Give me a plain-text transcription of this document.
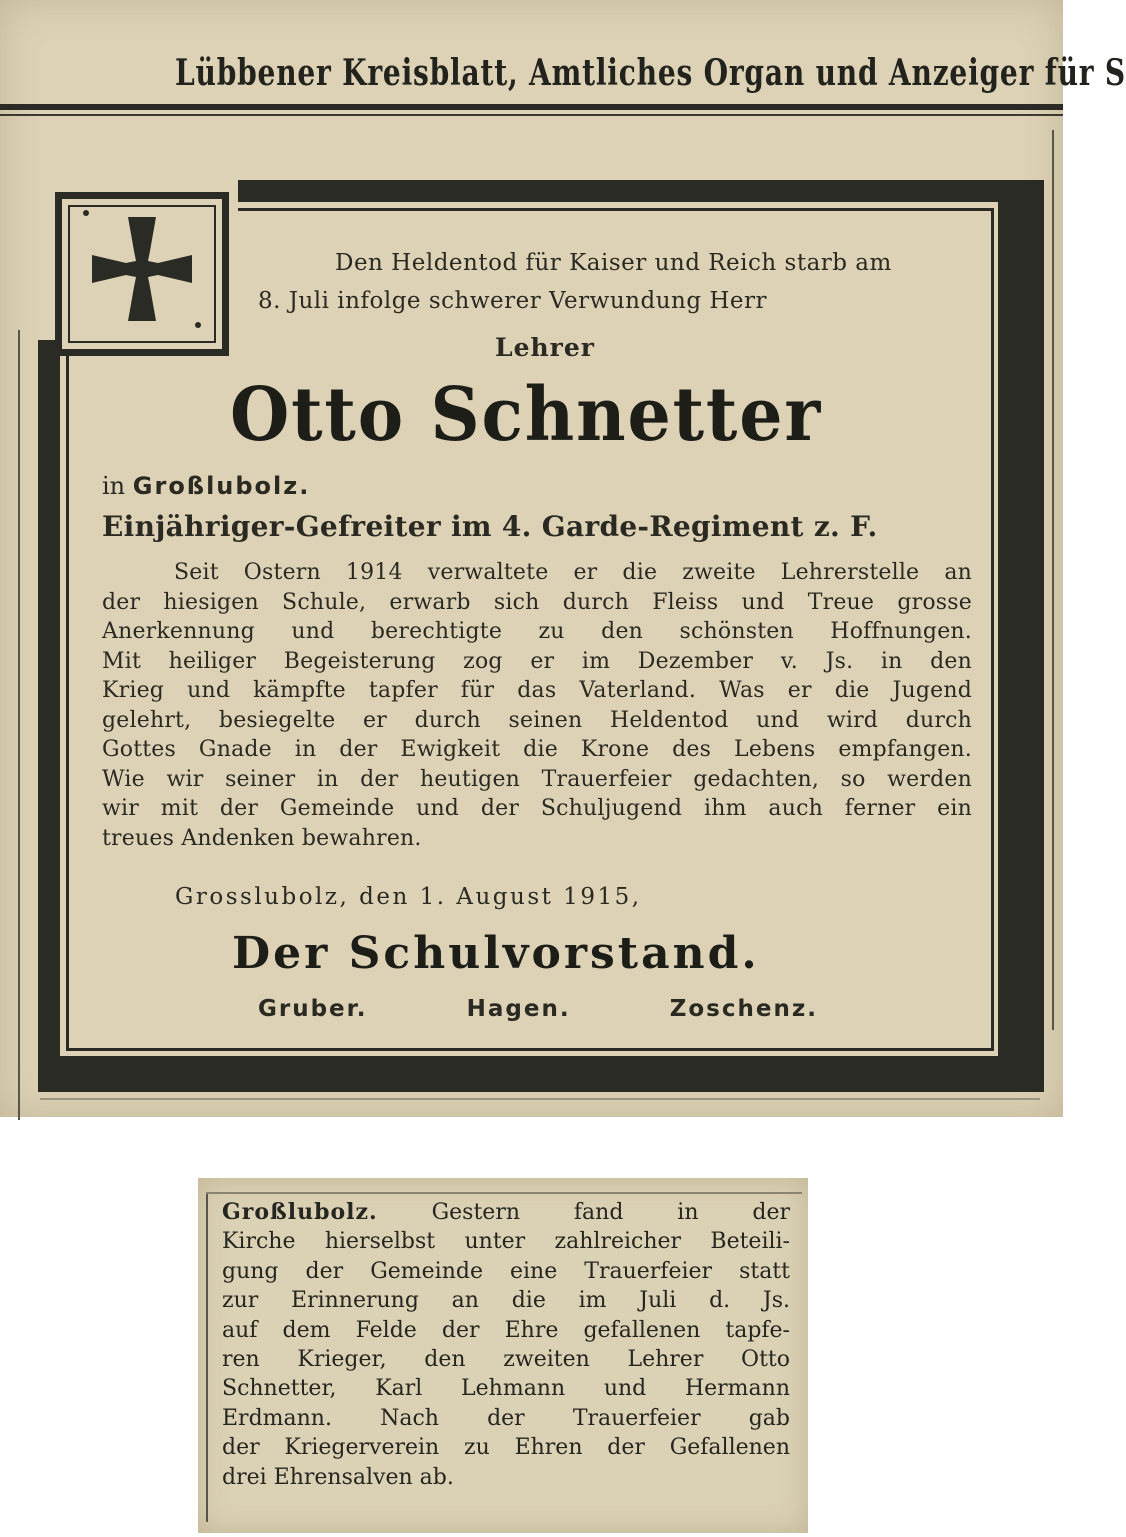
Lübbener Kreisblatt, Amtliches Organ und Anzeiger für S
Den Heldentod für Kaiser und Reich starb am
8. Juli infolge schwerer Verwundung Herr
Lehrer
Otto Schnetter
in Großlubolz.
Einjähriger-Gefreiter im 4. Garde-Regiment z. F.
Seit Ostern 1914 verwaltete er die zweite Lehrerstelle an
der hiesigen Schule, erwarb sich durch Fleiss und Treue grosse
Anerkennung und berechtigte zu den schönsten Hoffnungen.
Mit heiliger Begeisterung zog er im Dezember v. Js. in den
Krieg und kämpfte tapfer für das Vaterland. Was er die Jugend
gelehrt, besiegelte er durch seinen Heldentod und wird durch
Gottes Gnade in der Ewigkeit die Krone des Lebens empfangen.
Wie wir seiner in der heutigen Trauerfeier gedachten, so werden
wir mit der Gemeinde und der Schuljugend ihm auch ferner ein
treues Andenken bewahren.
Grosslubolz, den 1. August 1915,
Der Schulvorstand.
Gruber.	Hagen.	Zoschenz.
Großlubolz. Gestern fand in der
Kirche hierselbst unter zahlreicher Beteili-
gung der Gemeinde eine Trauerfeier statt
zur Erinnerung an die im Juli d. Js.
auf dem Felde der Ehre gefallenen tapfe-
ren Krieger, den zweiten Lehrer Otto
Schnetter, Karl Lehmann und Hermann
Erdmann. Nach der Trauerfeier gab
der Kriegerverein zu Ehren der Gefallenen
drei Ehrensalven ab.
